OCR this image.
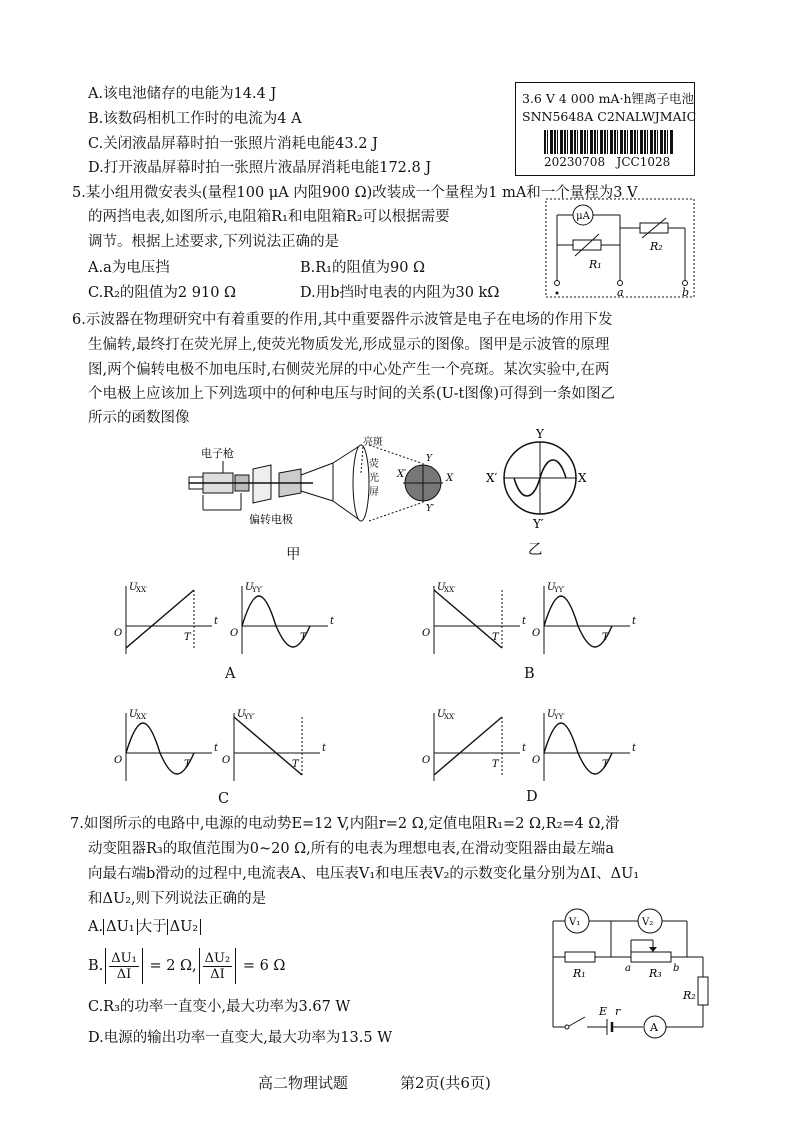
A.该电池储存的电能为14.4 J
B.该数码相机工作时的电流为4 A
C.关闭液晶屏幕时拍一张照片消耗电能43.2 J
D.打开液晶屏幕时拍一张照片液晶屏消耗电能172.8 J
3.6 V 4 000 mA·h锂离子电池
SNN5648A C2NALWJMAIC
20230708   JCC1028
5.某小组用微安表头(量程100 μA 内阻900 Ω)改装成一个量程为1 mA和一个量程为3 V
的两挡电表,如图所示,电阻箱R₁和电阻箱R₂可以根据需要
调节。根据上述要求,下列说法正确的是
A.a为电压挡	B.R₁的阻值为90 Ω
C.R₂的阻值为2 910 Ω	D.用b挡时电表的内阻为30 kΩ
μA
R₁
R₂
a	b
6.示波器在物理研究中有着重要的作用,其中重要器件示波管是电子在电场的作用下发
生偏转,最终打在荧光屏上,使荧光物质发光,形成显示的图像。图甲是示波管的原理
图,两个偏转电极不加电压时,右侧荧光屏的中心处产生一个亮斑。某次实验中,在两
个电极上应该加上下列选项中的何种电压与时间的关系(U-t图像)可得到一条如图乙
所示的函数图像
电子枪
偏转电极
荧
光
屏
亮斑
X′	X
Y
Y′
甲
Y
Y′
X′	X
乙
U
XX′
t
O	T
U
YY′
t
O	T
U
XX′
t
O	T
U
YY′
t
O	T
U
XX′
t
O	T
U
YY′
t
O	T
U
XX′
t
O	T
U
YY′
t
O	T
A	B
C	D
7.如图所示的电路中,电源的电动势E=12 V,内阻r=2 Ω,定值电阻R₁=2 Ω,R₂=4 Ω,滑
动变阻器R₃的取值范围为0~20 Ω,所有的电表为理想电表,在滑动变阻器由最左端a
向最右端b滑动的过程中,电流表A、电压表V₁和电压表V₂的示数变化量分别为ΔI、ΔU₁
和ΔU₂,则下列说法正确的是
A. ΔU₁ 大于 ΔU₂
B. $\frac{\text{ΔU₁}}{\Delta I} = 2$ Ω, $\frac{\text{ΔU₂}}{\Delta I} = 6$ Ω
C.R₃的功率一直变小,最大功率为3.67 W
D.电源的输出功率一直变大,最大功率为13.5 W
V₁	V₂
R₁	a	b
R₃
R₂
E r
A
高二物理试题	第2页(共6页)
